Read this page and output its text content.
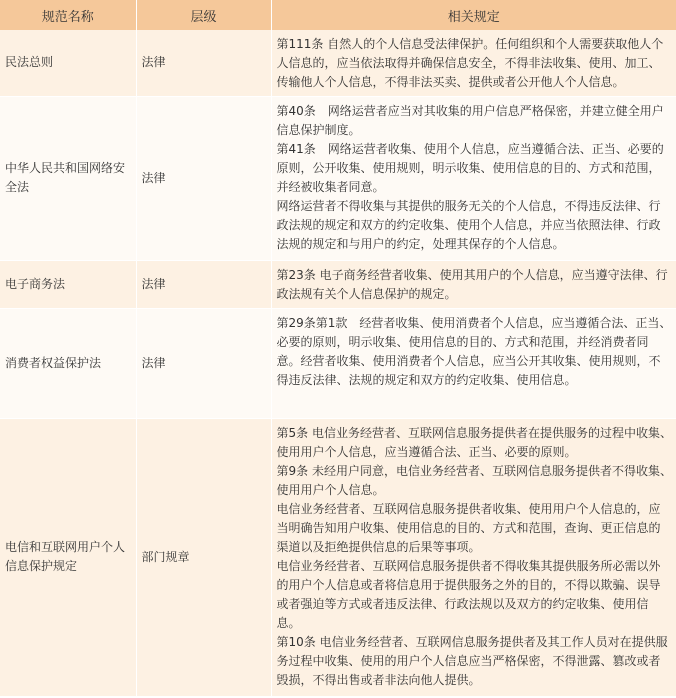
规范名称	层级	相关规定
民法总则	法律	第111条 自然人的个人信息受法律保护。任何组织和个人需要获取他人个人信息的，应当依法取得并确保信息安全，不得非法收集、使用、加工、传输他人个人信息，不得非法买卖、提供或者公开他人个人信息。

中华人民共和国网络安全法	法律	第40条　网络运营者应当对其收集的用户信息严格保密，并建立健全用户信息保护制度。

第41条　网络运营者收集、使用个人信息，应当遵循合法、正当、必要的原则，公开收集、使用规则，明示收集、使用信息的目的、方式和范围，并经被收集者同意。

网络运营者不得收集与其提供的服务无关的个人信息，不得违反法律、行政法规的规定和双方的约定收集、使用个人信息，并应当依照法律、行政法规的规定和与用户的约定，处理其保存的个人信息。

电子商务法	法律	第23条 电子商务经营者收集、使用其用户的个人信息，应当遵守法律、行政法规有关个人信息保护的规定。

消费者权益保护法	法律	第29条第1款　经营者收集、使用消费者个人信息，应当遵循合法、正当、必要的原则，明示收集、使用信息的目的、方式和范围，并经消费者同意。经营者收集、使用消费者个人信息，应当公开其收集、使用规则，不得违反法律、法规的规定和双方的约定收集、使用信息。

电信和互联网用户个人信息保护规定	部门规章	第5条 电信业务经营者、互联网信息服务提供者在提供服务的过程中收集、使用用户个人信息，应当遵循合法、正当、必要的原则。

第9条 未经用户同意，电信业务经营者、互联网信息服务提供者不得收集、使用用户个人信息。

电信业务经营者、互联网信息服务提供者收集、使用用户个人信息的，应当明确告知用户收集、使用信息的目的、方式和范围，查询、更正信息的渠道以及拒绝提供信息的后果等事项。

电信业务经营者、互联网信息服务提供者不得收集其提供服务所必需以外的用户个人信息或者将信息用于提供服务之外的目的，不得以欺骗、误导或者强迫等方式或者违反法律、行政法规以及双方的约定收集、使用信息。

第10条 电信业务经营者、互联网信息服务提供者及其工作人员对在提供服务过程中收集、使用的用户个人信息应当严格保密，不得泄露、篡改或者毁损，不得出售或者非法向他人提供。
